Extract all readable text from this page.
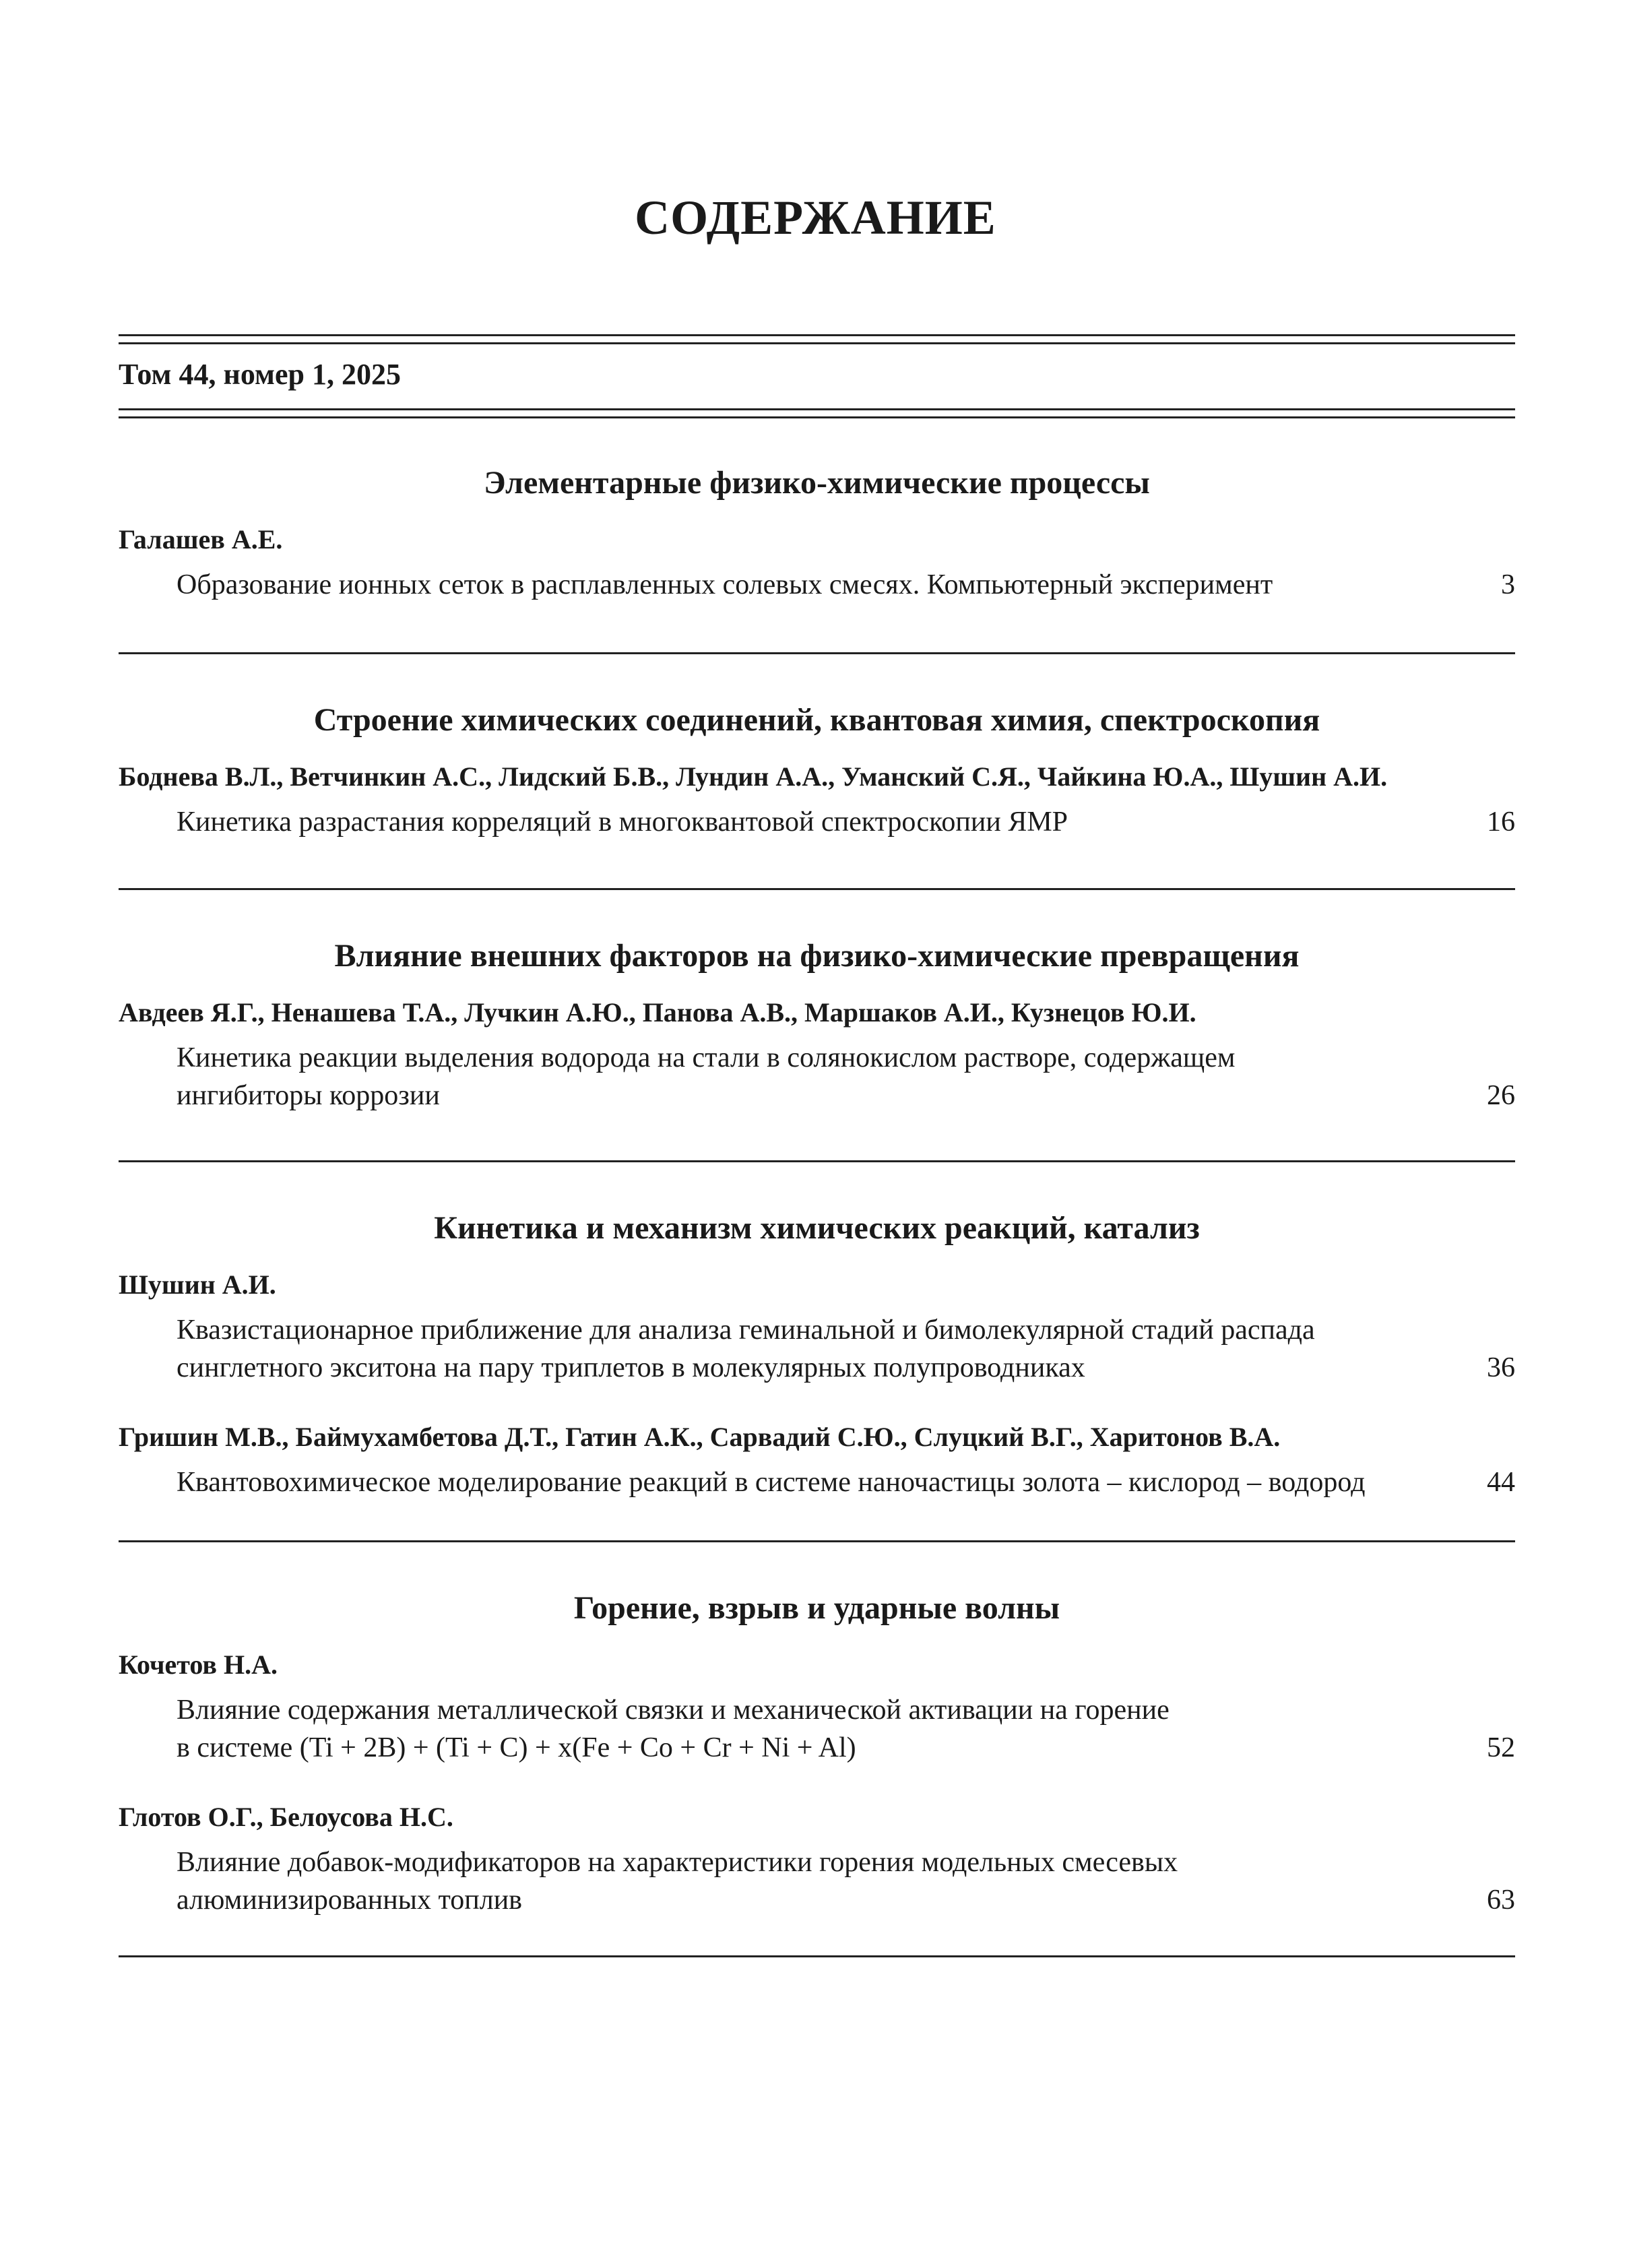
СОДЕРЖАНИЕ
Том 44, номер 1, 2025
Элементарные физико-химические процессы
Галашев А.Е.
Образование ионных сеток в расплавленных солевых смесях. Компьютерный эксперимент	3
Строение химических соединений, квантовая химия, спектроскопия
Боднева В.Л., Ветчинкин А.С., Лидский Б.В., Лундин А.А., Уманский С.Я., Чайкина Ю.А., Шушин А.И.
Кинетика разрастания корреляций в многоквантовой спектроскопии ЯМР	16
Влияние внешних факторов на физико-химические превращения
Авдеев Я.Г., Ненашева Т.А., Лучкин А.Ю., Панова А.В., Маршаков А.И., Кузнецов Ю.И.
Кинетика реакции выделения водорода на стали в солянокислом растворе, содержащем
ингибиторы коррозии	26
Кинетика и механизм химических реакций, катализ
Шушин А.И.
Квазистационарное приближение для анализа геминальной и бимолекулярной стадий распада
синглетного экситона на пару триплетов в молекулярных полупроводниках	36
Гришин М.В., Баймухамбетова Д.Т., Гатин А.К., Сарвадий С.Ю., Слуцкий В.Г., Харитонов В.А.
Квантовохимическое моделирование реакций в системе наночастицы золота – кислород – водород	44
Горение, взрыв и ударные волны
Кочетов Н.А.
Влияние содержания металлической связки и механической активации на горение
в системе (Ti + 2B) + (Ti + C) + x(Fe + Co + Cr + Ni + Al)	52
Глотов О.Г., Белоусова Н.С.
Влияние добавок-модификаторов на характеристики горения модельных смесевых
алюминизированных топлив	63
